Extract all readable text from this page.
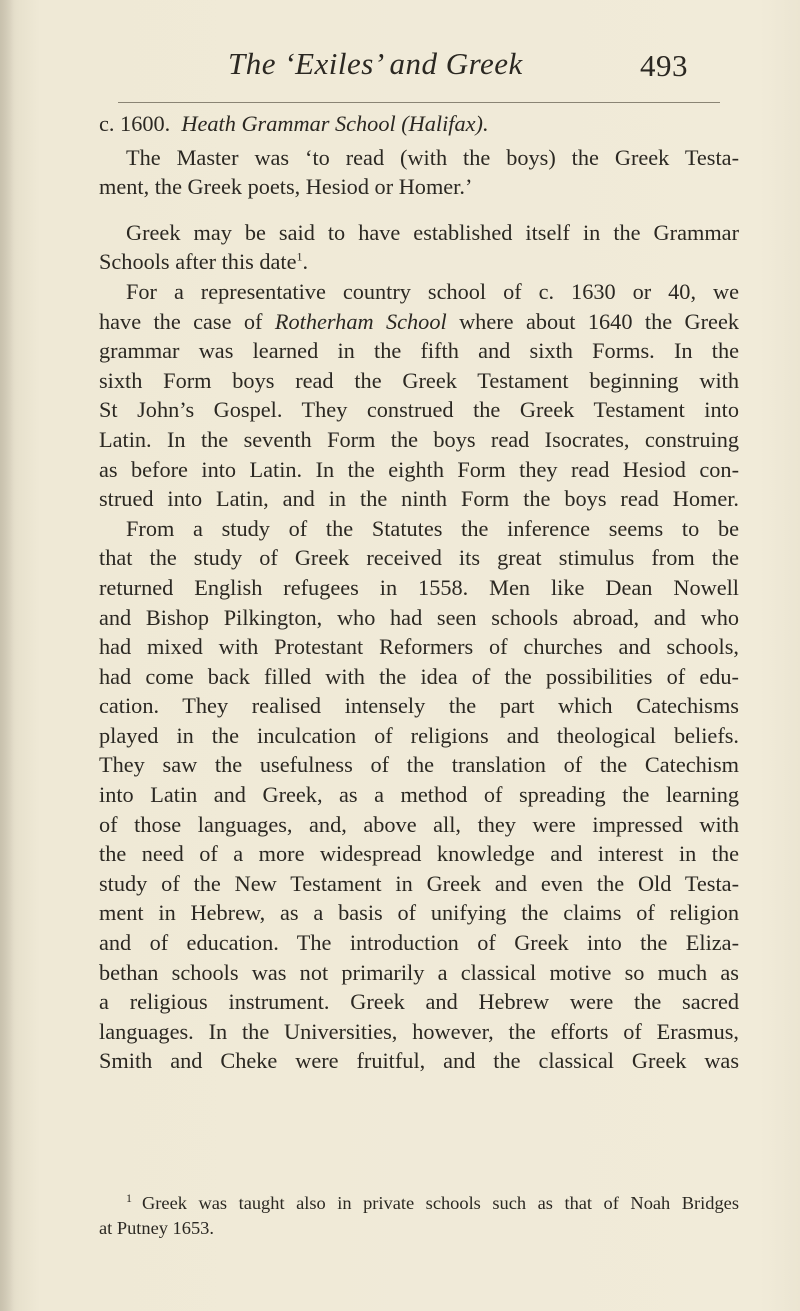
The ‘Exiles’ and Greek	493
c. 1600. Heath Grammar School (Halifax).
The Master was ‘to read (with the boys) the Greek Testa-
ment, the Greek poets, Hesiod or Homer.’
Greek may be said to have established itself in the Grammar
Schools after this date$^1$.
For a representative country school of c. 1630 or 40, we
have the case of Rotherham School where about 1640 the Greek
grammar was learned in the fifth and sixth Forms. In the
sixth Form boys read the Greek Testament beginning with
St John’s Gospel. They construed the Greek Testament into
Latin. In the seventh Form the boys read Isocrates, construing
as before into Latin. In the eighth Form they read Hesiod con-
strued into Latin, and in the ninth Form the boys read Homer.
From a study of the Statutes the inference seems to be
that the study of Greek received its great stimulus from the
returned English refugees in 1558. Men like Dean Nowell
and Bishop Pilkington, who had seen schools abroad, and who
had mixed with Protestant Reformers of churches and schools,
had come back filled with the idea of the possibilities of edu-
cation. They realised intensely the part which Catechisms
played in the inculcation of religions and theological beliefs.
They saw the usefulness of the translation of the Catechism
into Latin and Greek, as a method of spreading the learning
of those languages, and, above all, they were impressed with
the need of a more widespread knowledge and interest in the
study of the New Testament in Greek and even the Old Testa-
ment in Hebrew, as a basis of unifying the claims of religion
and of education. The introduction of Greek into the Eliza-
bethan schools was not primarily a classical motive so much as
a religious instrument. Greek and Hebrew were the sacred
languages. In the Universities, however, the efforts of Erasmus,
Smith and Cheke were fruitful, and the classical Greek was
$^1$ Greek was taught also in private schools such as that of Noah Bridges
at Putney 1653.
